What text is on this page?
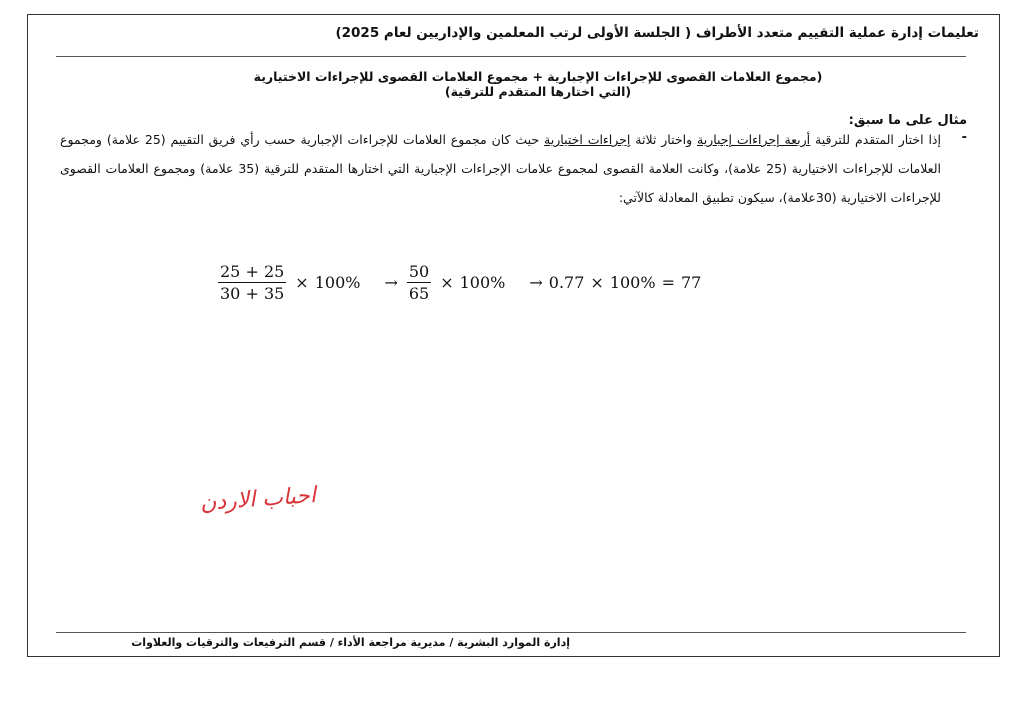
تعليمات إدارة عملية التقييم متعدد الأطراف ( الجلسة الأولى لرتب المعلمين والإداريين لعام 2025)
(مجموع العلامات القصوى للإجراءات الإجبارية + مجموع العلامات القصوى للإجراءات الاختيارية
(التي اختارها المتقدم للترقية)
مثال على ما سبق:
-
إذا اختار المتقدم للترقية أربعة إجراءات إجبارية واختار ثلاثة إجراءات اختيارية حيث كان مجموع العلامات للإجراءات الإجبارية حسب رأي فريق التقييم (25 علامة) ومجموع العلامات للإجراءات الاختيارية (25 علامة)، وكانت العلامة القصوى لمجموع علامات الإجراءات الإجبارية التي اختارها المتقدم للترقية (35 علامة) ومجموع العلامات القصوى للإجراءات الاختيارية (30علامة)، سيكون تطبيق المعادلة كالآتي:
$\frac{25 + 25}{30 + 35} \times 100\% \to \frac{50}{65} \times 100\% \to 0.77 \times 100\% = 77$
احباب الاردن
إدارة الموارد البشرية / مديرية مراجعة الأداء / قسم الترفيعات والترقيات والعلاوات
